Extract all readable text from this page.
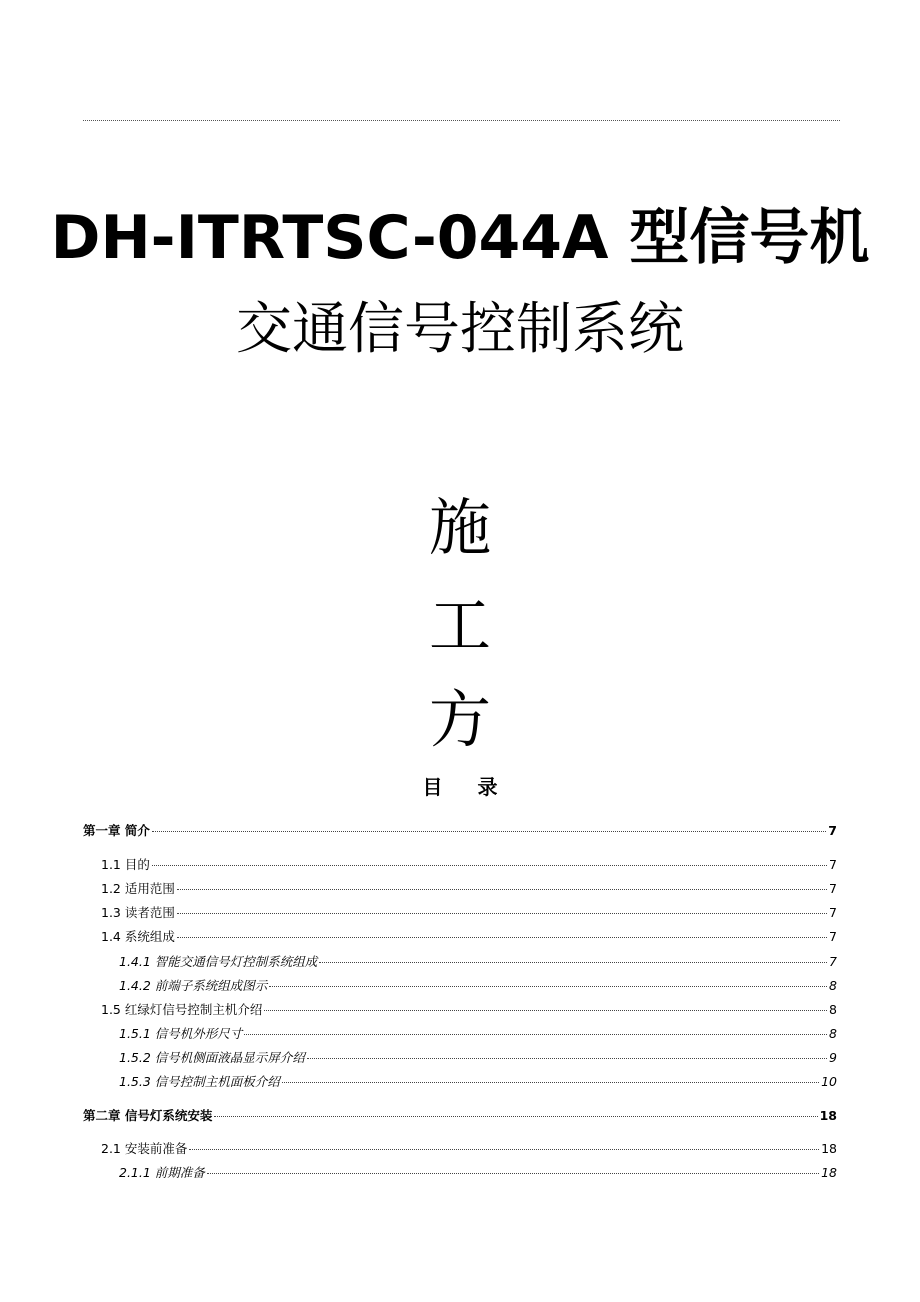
DH-ITRTSC-044A 型信号机
交通信号控制系统
施
工
方
目 录
第一章 简介	7
1.1 目的	7
1.2 适用范围	7
1.3 读者范围	7
1.4 系统组成	7
1.4.1 智能交通信号灯控制系统组成	7
1.4.2 前端子系统组成图示	8
1.5 红绿灯信号控制主机介绍	8
1.5.1 信号机外形尺寸	8
1.5.2 信号机侧面液晶显示屏介绍	9
1.5.3 信号控制主机面板介绍	10
第二章 信号灯系统安装	18
2.1 安装前准备	18
2.1.1 前期准备	18
